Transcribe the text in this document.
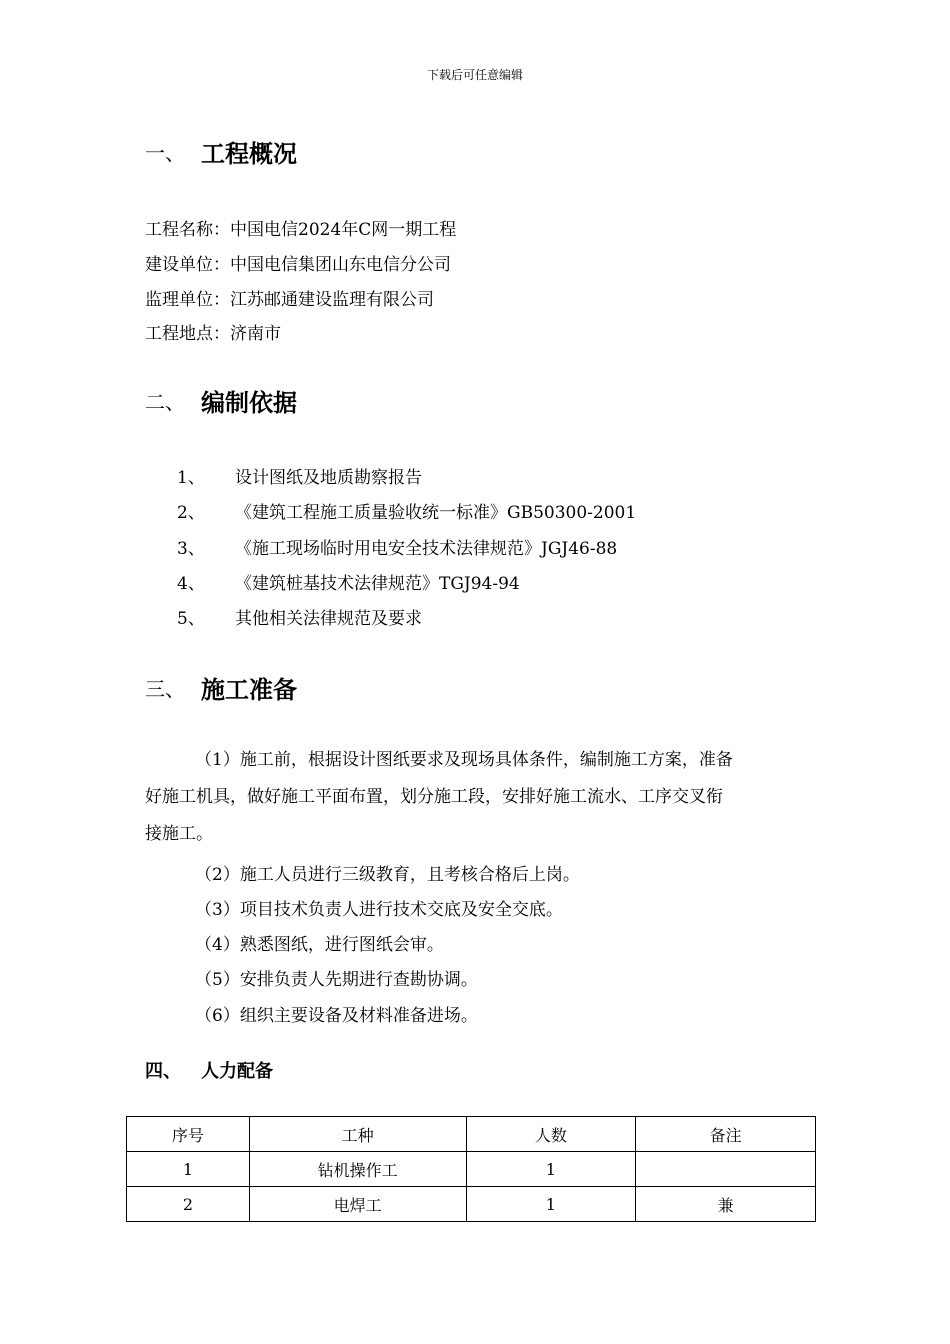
下载后可任意编辑
一、 工程概况
工程名称：中国电信2024年C网一期工程
建设单位：中国电信集团山东电信分公司
监理单位：江苏邮通建设监理有限公司
工程地点：济南市
二、 编制依据
1、	设计图纸及地质勘察报告
2、	《建筑工程施工质量验收统一标准》GB50300-2001
3、	《施工现场临时用电安全技术法律规范》JGJ46-88
4、	《建筑桩基技术法律规范》TGJ94-94
5、	其他相关法律规范及要求
三、 施工准备
（1）施工前，根据设计图纸要求及现场具体条件，编制施工方案，准备
好施工机具，做好施工平面布置，划分施工段，安排好施工流水、工序交叉衔
接施工。
（2）施工人员进行三级教育，且考核合格后上岗。
（3）项目技术负责人进行技术交底及安全交底。
（4）熟悉图纸，进行图纸会审。
（5）安排负责人先期进行查勘协调。
（6）组织主要设备及材料准备进场。
四、	人力配备
序号	工种	人数	备注
1	钻机操作工	1	
2	电焊工	1	兼
